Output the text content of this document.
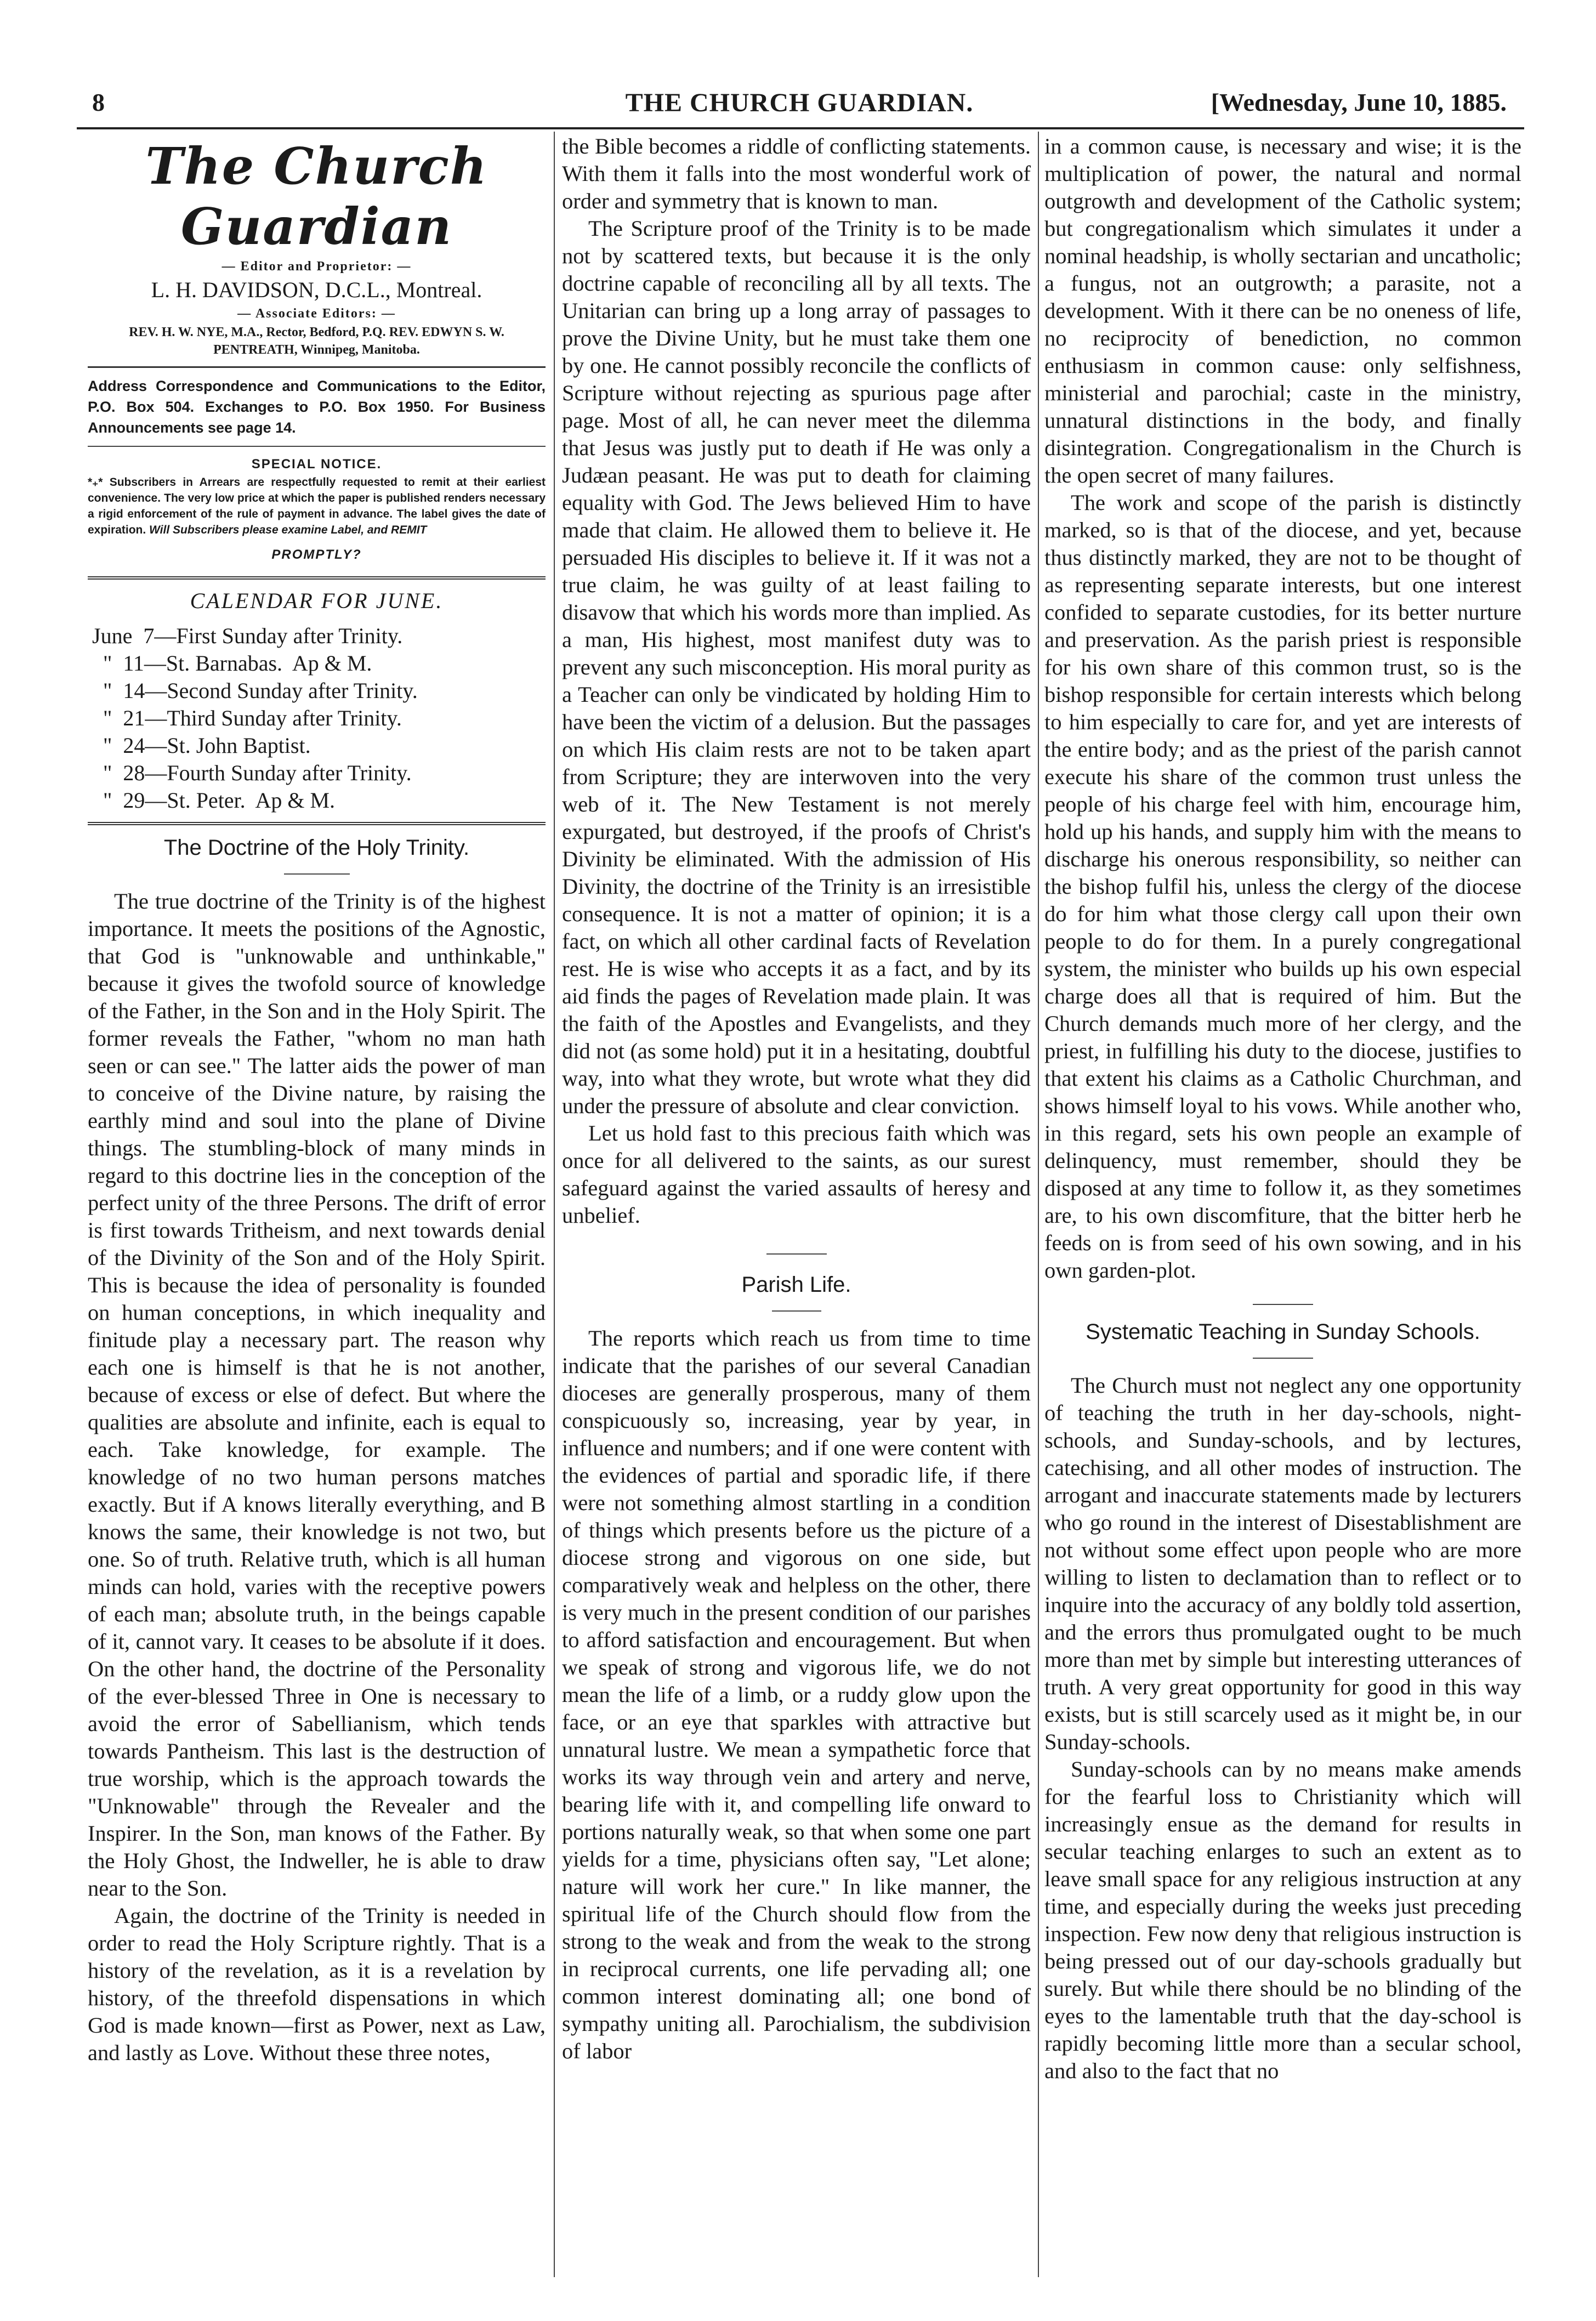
8	THE CHURCH GUARDIAN.	[Wednesday, June 10, 1885.
The Church Guardian
— Editor and Proprietor: —
L. H. DAVIDSON, D.C.L., Montreal.
— Associate Editors: —
REV. H. W. NYE, M.A., Rector, Bedford, P.Q. REV. EDWYN S. W. PENTREATH, Winnipeg, Manitoba.
Address Correspondence and Communications to the Editor, P.O. Box 504. Exchanges to P.O. Box 1950. For Business Announcements see page 14.
SPECIAL NOTICE.
*₊* Subscribers in Arrears are respectfully requested to remit at their earliest convenience. The very low price at which the paper is published renders necessary a rigid enforcement of the rule of payment in advance. The label gives the date of expiration. Will Subscribers please examine Label, and REMIT
PROMPTLY?
CALENDAR FOR JUNE.
June  7—First Sunday after Trinity.
"  11—St. Barnabas.  Ap & M.
"  14—Second Sunday after Trinity.
"  21—Third Sunday after Trinity.
"  24—St. John Baptist.
"  28—Fourth Sunday after Trinity.
"  29—St. Peter.  Ap & M.
The Doctrine of the Holy Trinity.

The true doctrine of the Trinity is of the highest importance. It meets the positions of the Agnostic, that God is "unknowable and unthinkable," because it gives the twofold source of knowledge of the Father, in the Son and in the Holy Spirit. The former reveals the Father, "whom no man hath seen or can see." The latter aids the power of man to conceive of the Divine nature, by raising the earthly mind and soul into the plane of Divine things. The stumbling-block of many minds in regard to this doctrine lies in the conception of the perfect unity of the three Persons. The drift of error is first towards Tritheism, and next towards denial of the Divinity of the Son and of the Holy Spirit. This is because the idea of personality is founded on human conceptions, in which inequality and finitude play a necessary part. The reason why each one is himself is that he is not another, because of excess or else of defect. But where the qualities are absolute and infinite, each is equal to each. Take knowledge, for example. The knowledge of no two human persons matches exactly. But if A knows literally everything, and B knows the same, their knowledge is not two, but one. So of truth. Relative truth, which is all human minds can hold, varies with the receptive powers of each man; absolute truth, in the beings capable of it, cannot vary. It ceases to be absolute if it does. On the other hand, the doctrine of the Personality of the ever-blessed Three in One is necessary to avoid the error of Sabellianism, which tends towards Pantheism. This last is the destruction of true worship, which is the approach towards the "Unknowable" through the Revealer and the Inspirer. In the Son, man knows of the Father. By the Holy Ghost, the Indweller, he is able to draw near to the Son.

Again, the doctrine of the Trinity is needed in order to read the Holy Scripture rightly. That is a history of the revelation, as it is a revelation by history, of the threefold dispensations in which God is made known—first as Power, next as Law, and lastly as Love. Without these three notes,

the Bible becomes a riddle of conflicting statements. With them it falls into the most wonderful work of order and symmetry that is known to man.

The Scripture proof of the Trinity is to be made not by scattered texts, but because it is the only doctrine capable of reconciling all by all texts. The Unitarian can bring up a long array of passages to prove the Divine Unity, but he must take them one by one. He cannot possibly reconcile the conflicts of Scripture without rejecting as spurious page after page. Most of all, he can never meet the dilemma that Jesus was justly put to death if He was only a Judæan peasant. He was put to death for claiming equality with God. The Jews believed Him to have made that claim. He allowed them to believe it. He persuaded His disciples to believe it. If it was not a true claim, he was guilty of at least failing to disavow that which his words more than implied. As a man, His highest, most manifest duty was to prevent any such misconception. His moral purity as a Teacher can only be vindicated by holding Him to have been the victim of a delusion. But the passages on which His claim rests are not to be taken apart from Scripture; they are interwoven into the very web of it. The New Testament is not merely expurgated, but destroyed, if the proofs of Christ's Divinity be eliminated. With the admission of His Divinity, the doctrine of the Trinity is an irresistible consequence. It is not a matter of opinion; it is a fact, on which all other cardinal facts of Revelation rest. He is wise who accepts it as a fact, and by its aid finds the pages of Revelation made plain. It was the faith of the Apostles and Evangelists, and they did not (as some hold) put it in a hesitating, doubtful way, into what they wrote, but wrote what they did under the pressure of absolute and clear conviction.

Let us hold fast to this precious faith which was once for all delivered to the saints, as our surest safeguard against the varied assaults of heresy and unbelief.

Parish Life.

The reports which reach us from time to time indicate that the parishes of our several Canadian dioceses are generally prosperous, many of them conspicuously so, increasing, year by year, in influence and numbers; and if one were content with the evidences of partial and sporadic life, if there were not something almost startling in a condition of things which presents before us the picture of a diocese strong and vigorous on one side, but comparatively weak and helpless on the other, there is very much in the present condition of our parishes to afford satisfaction and encouragement. But when we speak of strong and vigorous life, we do not mean the life of a limb, or a ruddy glow upon the face, or an eye that sparkles with attractive but unnatural lustre. We mean a sympathetic force that works its way through vein and artery and nerve, bearing life with it, and compelling life onward to portions naturally weak, so that when some one part yields for a time, physicians often say, "Let alone; nature will work her cure." In like manner, the spiritual life of the Church should flow from the strong to the weak and from the weak to the strong in reciprocal currents, one life pervading all; one common interest dominating all; one bond of sympathy uniting all. Parochialism, the subdivision of labor

in a common cause, is necessary and wise; it is the multiplication of power, the natural and normal outgrowth and development of the Catholic system; but congregationalism which simulates it under a nominal headship, is wholly sectarian and uncatholic; a fungus, not an outgrowth; a parasite, not a development. With it there can be no oneness of life, no reciprocity of benediction, no common enthusiasm in common cause: only selfishness, ministerial and parochial; caste in the ministry, unnatural distinctions in the body, and finally disintegration. Congregationalism in the Church is the open secret of many failures.

The work and scope of the parish is distinctly marked, so is that of the diocese, and yet, because thus distinctly marked, they are not to be thought of as representing separate interests, but one interest confided to separate custodies, for its better nurture and preservation. As the parish priest is responsible for his own share of this common trust, so is the bishop responsible for certain interests which belong to him especially to care for, and yet are interests of the entire body; and as the priest of the parish cannot execute his share of the common trust unless the people of his charge feel with him, encourage him, hold up his hands, and supply him with the means to discharge his onerous responsibility, so neither can the bishop fulfil his, unless the clergy of the diocese do for him what those clergy call upon their own people to do for them. In a purely congregational system, the minister who builds up his own especial charge does all that is required of him. But the Church demands much more of her clergy, and the priest, in fulfilling his duty to the diocese, justifies to that extent his claims as a Catholic Churchman, and shows himself loyal to his vows. While another who, in this regard, sets his own people an example of delinquency, must remember, should they be disposed at any time to follow it, as they sometimes are, to his own discomfiture, that the bitter herb he feeds on is from seed of his own sowing, and in his own garden-plot.

Systematic Teaching in Sunday Schools.

The Church must not neglect any one opportunity of teaching the truth in her day-schools, night-schools, and Sunday-schools, and by lectures, catechising, and all other modes of instruction. The arrogant and inaccurate statements made by lecturers who go round in the interest of Disestablishment are not without some effect upon people who are more willing to listen to declamation than to reflect or to inquire into the accuracy of any boldly told assertion, and the errors thus promulgated ought to be much more than met by simple but interesting utterances of truth. A very great opportunity for good in this way exists, but is still scarcely used as it might be, in our Sunday-schools.

Sunday-schools can by no means make amends for the fearful loss to Christianity which will increasingly ensue as the demand for results in secular teaching enlarges to such an extent as to leave small space for any religious instruction at any time, and especially during the weeks just preceding inspection. Few now deny that religious instruction is being pressed out of our day-schools gradually but surely. But while there should be no blinding of the eyes to the lamentable truth that the day-school is rapidly becoming little more than a secular school, and also to the fact that no
